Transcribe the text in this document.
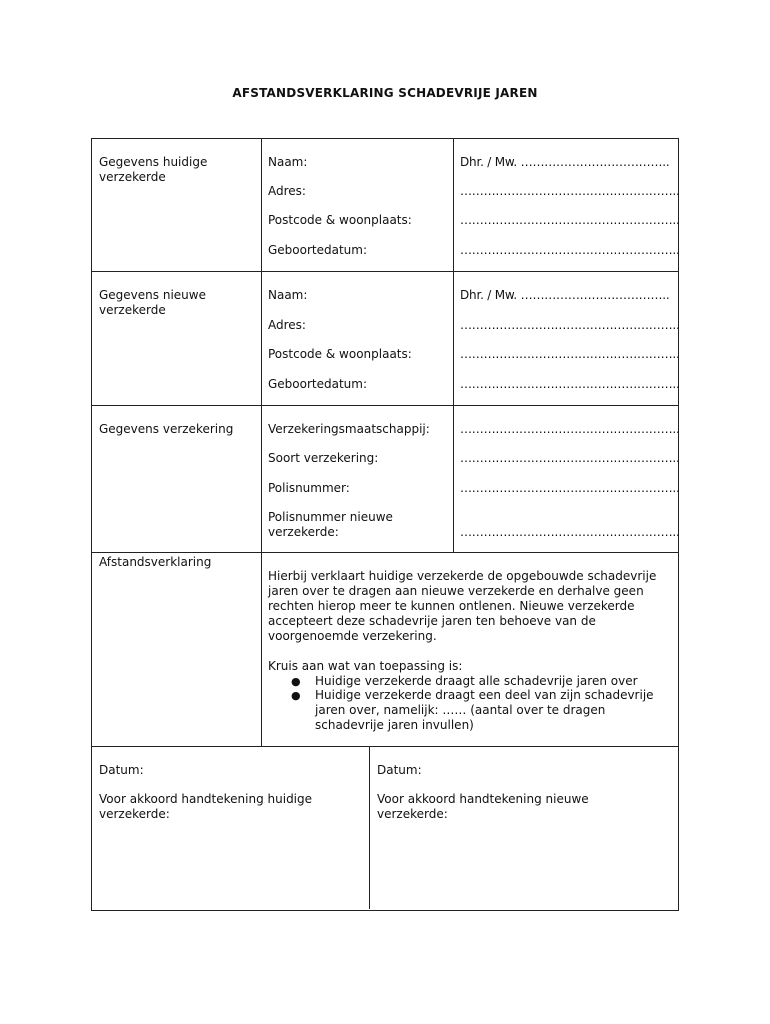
AFSTANDSVERKLARING SCHADEVRIJE JAREN
Gegevens huidige verzekerde
Naam:	Dhr. / Mw. ………………………………..
Adres:	………………………………………………..
Postcode & woonplaats:	………………………………………………..
Geboortedatum:	………………………………………………..
Gegevens nieuwe verzekerde
Naam:	Dhr. / Mw. ………………………………..
Adres:	………………………………………………..
Postcode & woonplaats:	………………………………………………..
Geboortedatum:	………………………………………………..
Gegevens verzekering	Verzekeringsmaatschappij:	………………………………………………..
Soort verzekering:	………………………………………………..
Polisnummer:	………………………………………………..
Polisnummer nieuwe verzekerde:	………………………………………………..
Afstandsverklaring
Hierbij verklaart huidige verzekerde de opgebouwde schadevrije jaren over te dragen aan nieuwe verzekerde en derhalve geen rechten hierop meer te kunnen ontlenen. Nieuwe verzekerde accepteert deze schadevrije jaren ten behoeve van de voorgenoemde verzekering.
Kruis aan wat van toepassing is:
● Huidige verzekerde draagt alle schadevrije jaren over
● Huidige verzekerde draagt een deel van zijn schadevrije jaren over, namelijk: …… (aantal over te dragen schadevrije jaren invullen)
Datum:
Voor akkoord handtekening huidige verzekerde:
Datum:
Voor akkoord handtekening nieuwe verzekerde:
